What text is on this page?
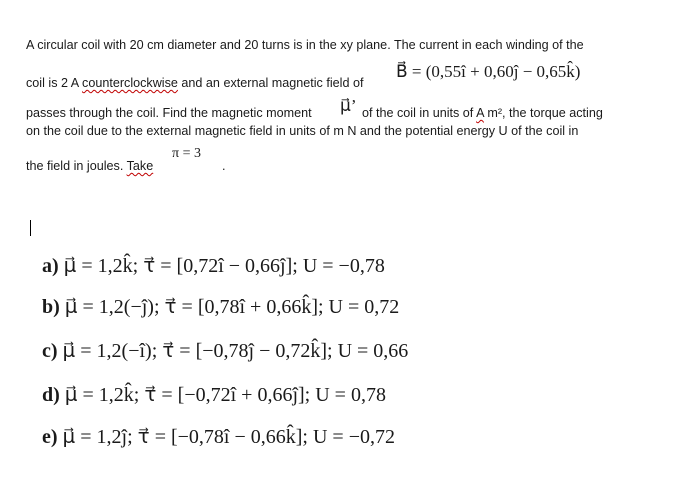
A circular coil with 20 cm diameter and 20 turns is in the xy plane. The current in each winding of the
coil is 2 A counterclockwise and an external magnetic field of
B⃗ = (0,55î + 0,60ĵ − 0,65k̂)
passes through the coil. Find the magnetic moment μ⃗’ of the coil in units of A m², the torque acting
on the coil due to the external magnetic field in units of m N and the potential energy U of the coil in
π = 3
the field in joules. Take	.
a) μ⃗ = 1,2k̂; τ⃗ = [0,72î − 0,66ĵ]; U = −0,78
b) μ⃗ = 1,2(−ĵ); τ⃗ = [0,78î + 0,66k̂]; U = 0,72
c) μ⃗ = 1,2(−î); τ⃗ = [−0,78ĵ − 0,72k̂]; U = 0,66
d) μ⃗ = 1,2k̂; τ⃗ = [−0,72î + 0,66ĵ]; U = 0,78
e) μ⃗ = 1,2ĵ; τ⃗ = [−0,78î − 0,66k̂]; U = −0,72
